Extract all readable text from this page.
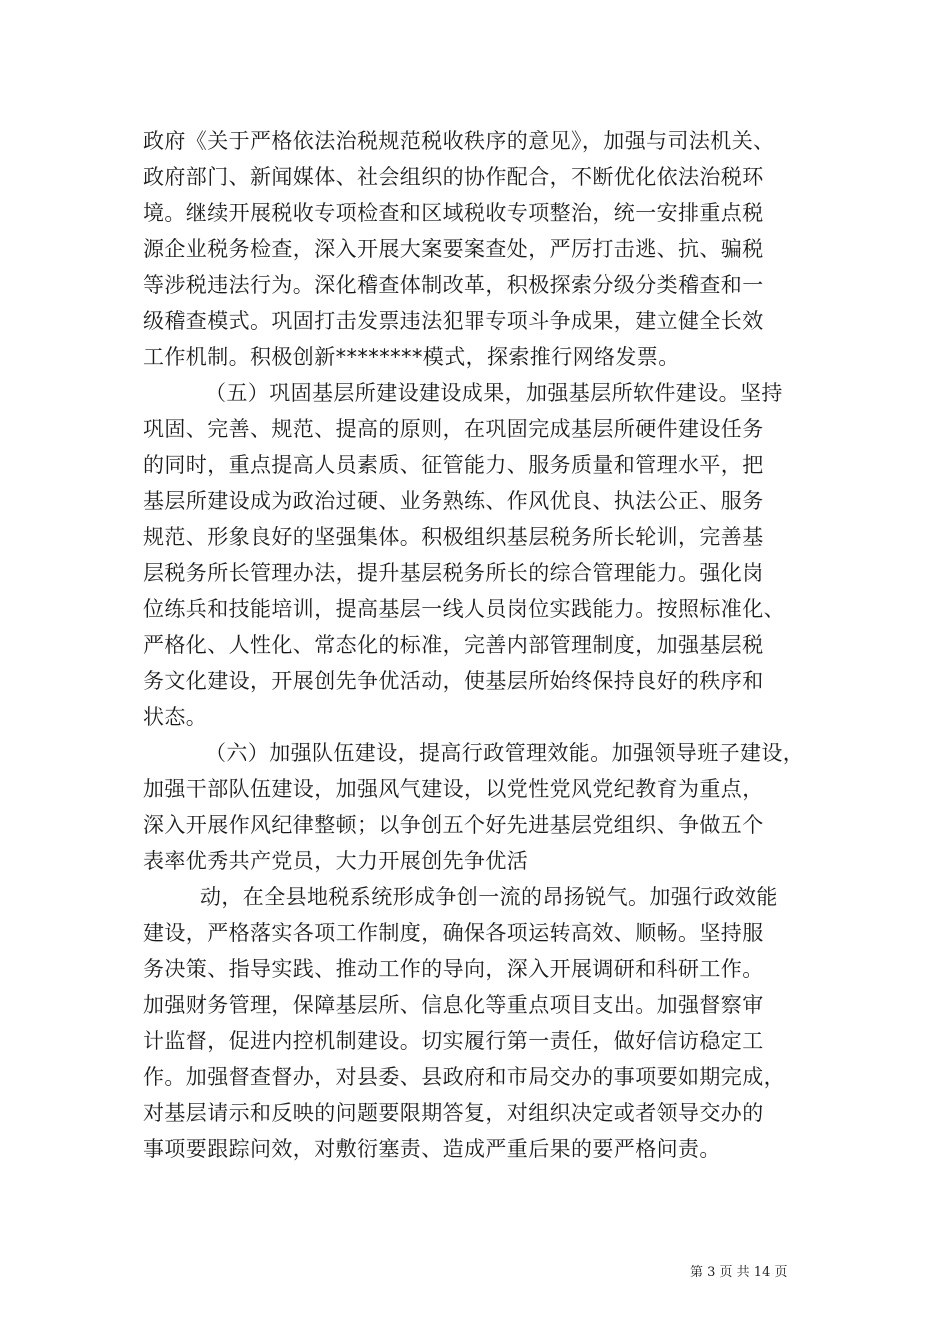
政府《关于严格依法治税规范税收秩序的意见》，加强与司法机关、
政府部门、新闻媒体、社会组织的协作配合，不断优化依法治税环
境。继续开展税收专项检查和区域税收专项整治，统一安排重点税
源企业税务检查，深入开展大案要案查处，严厉打击逃、抗、骗税
等涉税违法行为。深化稽查体制改革，积极探索分级分类稽查和一
级稽查模式。巩固打击发票违法犯罪专项斗争成果，建立健全长效
工作机制。积极创新********模式，探索推行网络发票。
（五）巩固基层所建设建设成果，加强基层所软件建设。坚持
巩固、完善、规范、提高的原则，在巩固完成基层所硬件建设任务
的同时，重点提高人员素质、征管能力、服务质量和管理水平，把
基层所建设成为政治过硬、业务熟练、作风优良、执法公正、服务
规范、形象良好的坚强集体。积极组织基层税务所长轮训，完善基
层税务所长管理办法，提升基层税务所长的综合管理能力。强化岗
位练兵和技能培训，提高基层一线人员岗位实践能力。按照标准化、
严格化、人性化、常态化的标准，完善内部管理制度，加强基层税
务文化建设，开展创先争优活动，使基层所始终保持良好的秩序和
状态。
（六）加强队伍建设，提高行政管理效能。加强领导班子建设，
加强干部队伍建设，加强风气建设，以党性党风党纪教育为重点，
深入开展作风纪律整顿；以争创五个好先进基层党组织、争做五个
表率优秀共产党员，大力开展创先争优活
动，在全县地税系统形成争创一流的昂扬锐气。加强行政效能
建设，严格落实各项工作制度，确保各项运转高效、顺畅。坚持服
务决策、指导实践、推动工作的导向，深入开展调研和科研工作。
加强财务管理，保障基层所、信息化等重点项目支出。加强督察审
计监督，促进内控机制建设。切实履行第一责任，做好信访稳定工
作。加强督查督办，对县委、县政府和市局交办的事项要如期完成，
对基层请示和反映的问题要限期答复，对组织决定或者领导交办的
事项要跟踪问效，对敷衍塞责、造成严重后果的要严格问责。
第 3 页 共 14 页
